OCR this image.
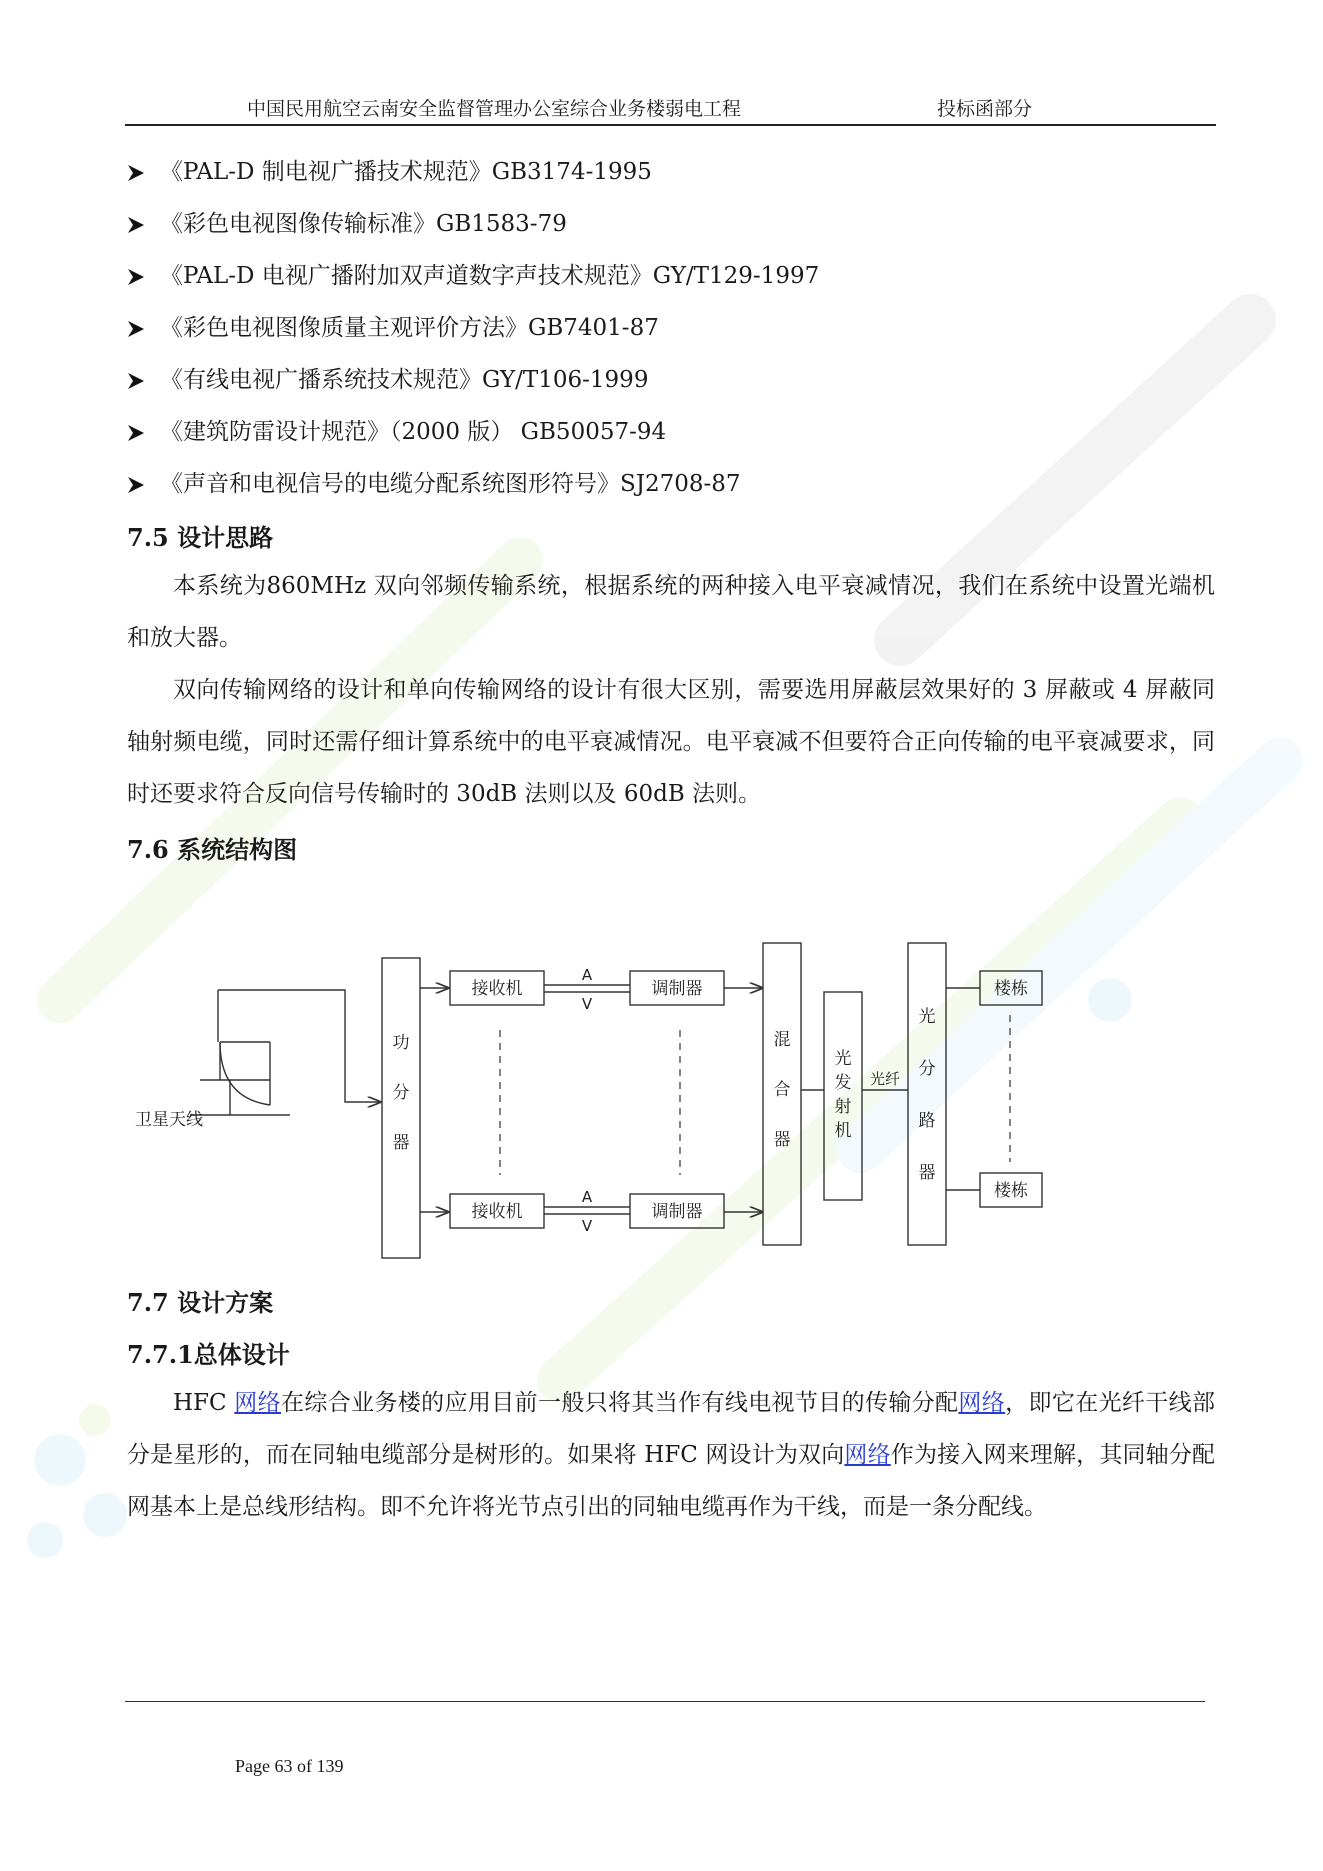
中国民用航空云南安全监督管理办公室综合业务楼弱电工程	投标函部分
《PAL-D 制电视广播技术规范》GB3174-1995
《彩色电视图像传输标准》GB1583-79
《PAL-D 电视广播附加双声道数字声技术规范》GY/T129-1997
《彩色电视图像质量主观评价方法》GB7401-87
《有线电视广播系统技术规范》GY/T106-1999
《建筑防雷设计规范》（2000 版） GB50057-94
《声音和电视信号的电缆分配系统图形符号》SJ2708-87
7.5 设计思路

本系统为860MHz 双向邻频传输系统，根据系统的两种接入电平衰减情况，我们在系统中设置光端机和放大器。

双向传输网络的设计和单向传输网络的设计有很大区别，需要选用屏蔽层效果好的 3 屏蔽或 4 屏蔽同轴射频电缆，同时还需仔细计算系统中的电平衰减情况。电平衰减不但要符合正向传输的电平衰减要求，同时还要求符合反向信号传输时的 30dB 法则以及 60dB 法则。

7.6 系统结构图
卫星天线
功
分
器
接收机
接收机
调制器
调制器
A
V
A
V
混
合
器
光
发
射
机
光纤
光
分
路
器
楼栋
楼栋
7.7 设计方案
7.7.1总体设计

HFC 网络在综合业务楼的应用目前一般只将其当作有线电视节目的传输分配网络，即它在光纤干线部分是星形的，而在同轴电缆部分是树形的。如果将 HFC 网设计为双向网络作为接入网来理解，其同轴分配网基本上是总线形结构。即不允许将光节点引出的同轴电缆再作为干线，而是一条分配线。

Page 63 of 139
